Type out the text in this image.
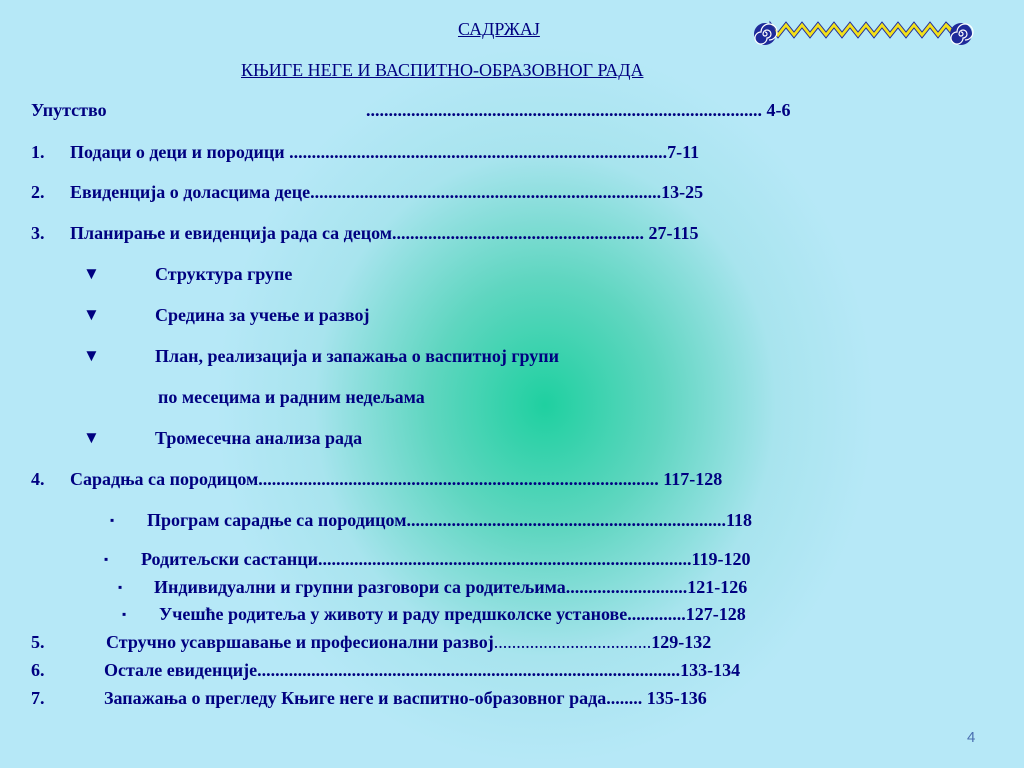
САДРЖАЈ
КЊИГЕ НЕГЕ И ВАСПИТНО-ОБРАЗОВНОГ РАДА
Упутство	........................................................................................ 4-6
1. Подаци о деци и породици ....................................................................................7-11
2. Евиденција о доласцима деце..............................................................................13-25
3. Планирање и евиденција рада са децом........................................................ 27-115
▼	Структура групе
▼	Средина за учење и развој
▼	План, реализација и запажања о васпитној групи
по месецима и радним недељама
▼	Тромесечна анализа рада
4. Сарадња са породицом......................................................................................... 117-128
▪ Програм сарадње са породицом.......................................................................118
▪ Родитељски састанци...................................................................................119-120
▪ Индивидуални и групни разговори са родитељима...........................121-126
▪ Учешће родитеља у животу и раду предшколске установе.............127-128
5.	Стручно усавршавање и професионални развој...................................129-132
6.	Остале евиденције..............................................................................................133-134
7.	Запажања о прегледу Књиге неге и васпитно-образовног рада........ 135-136
4
